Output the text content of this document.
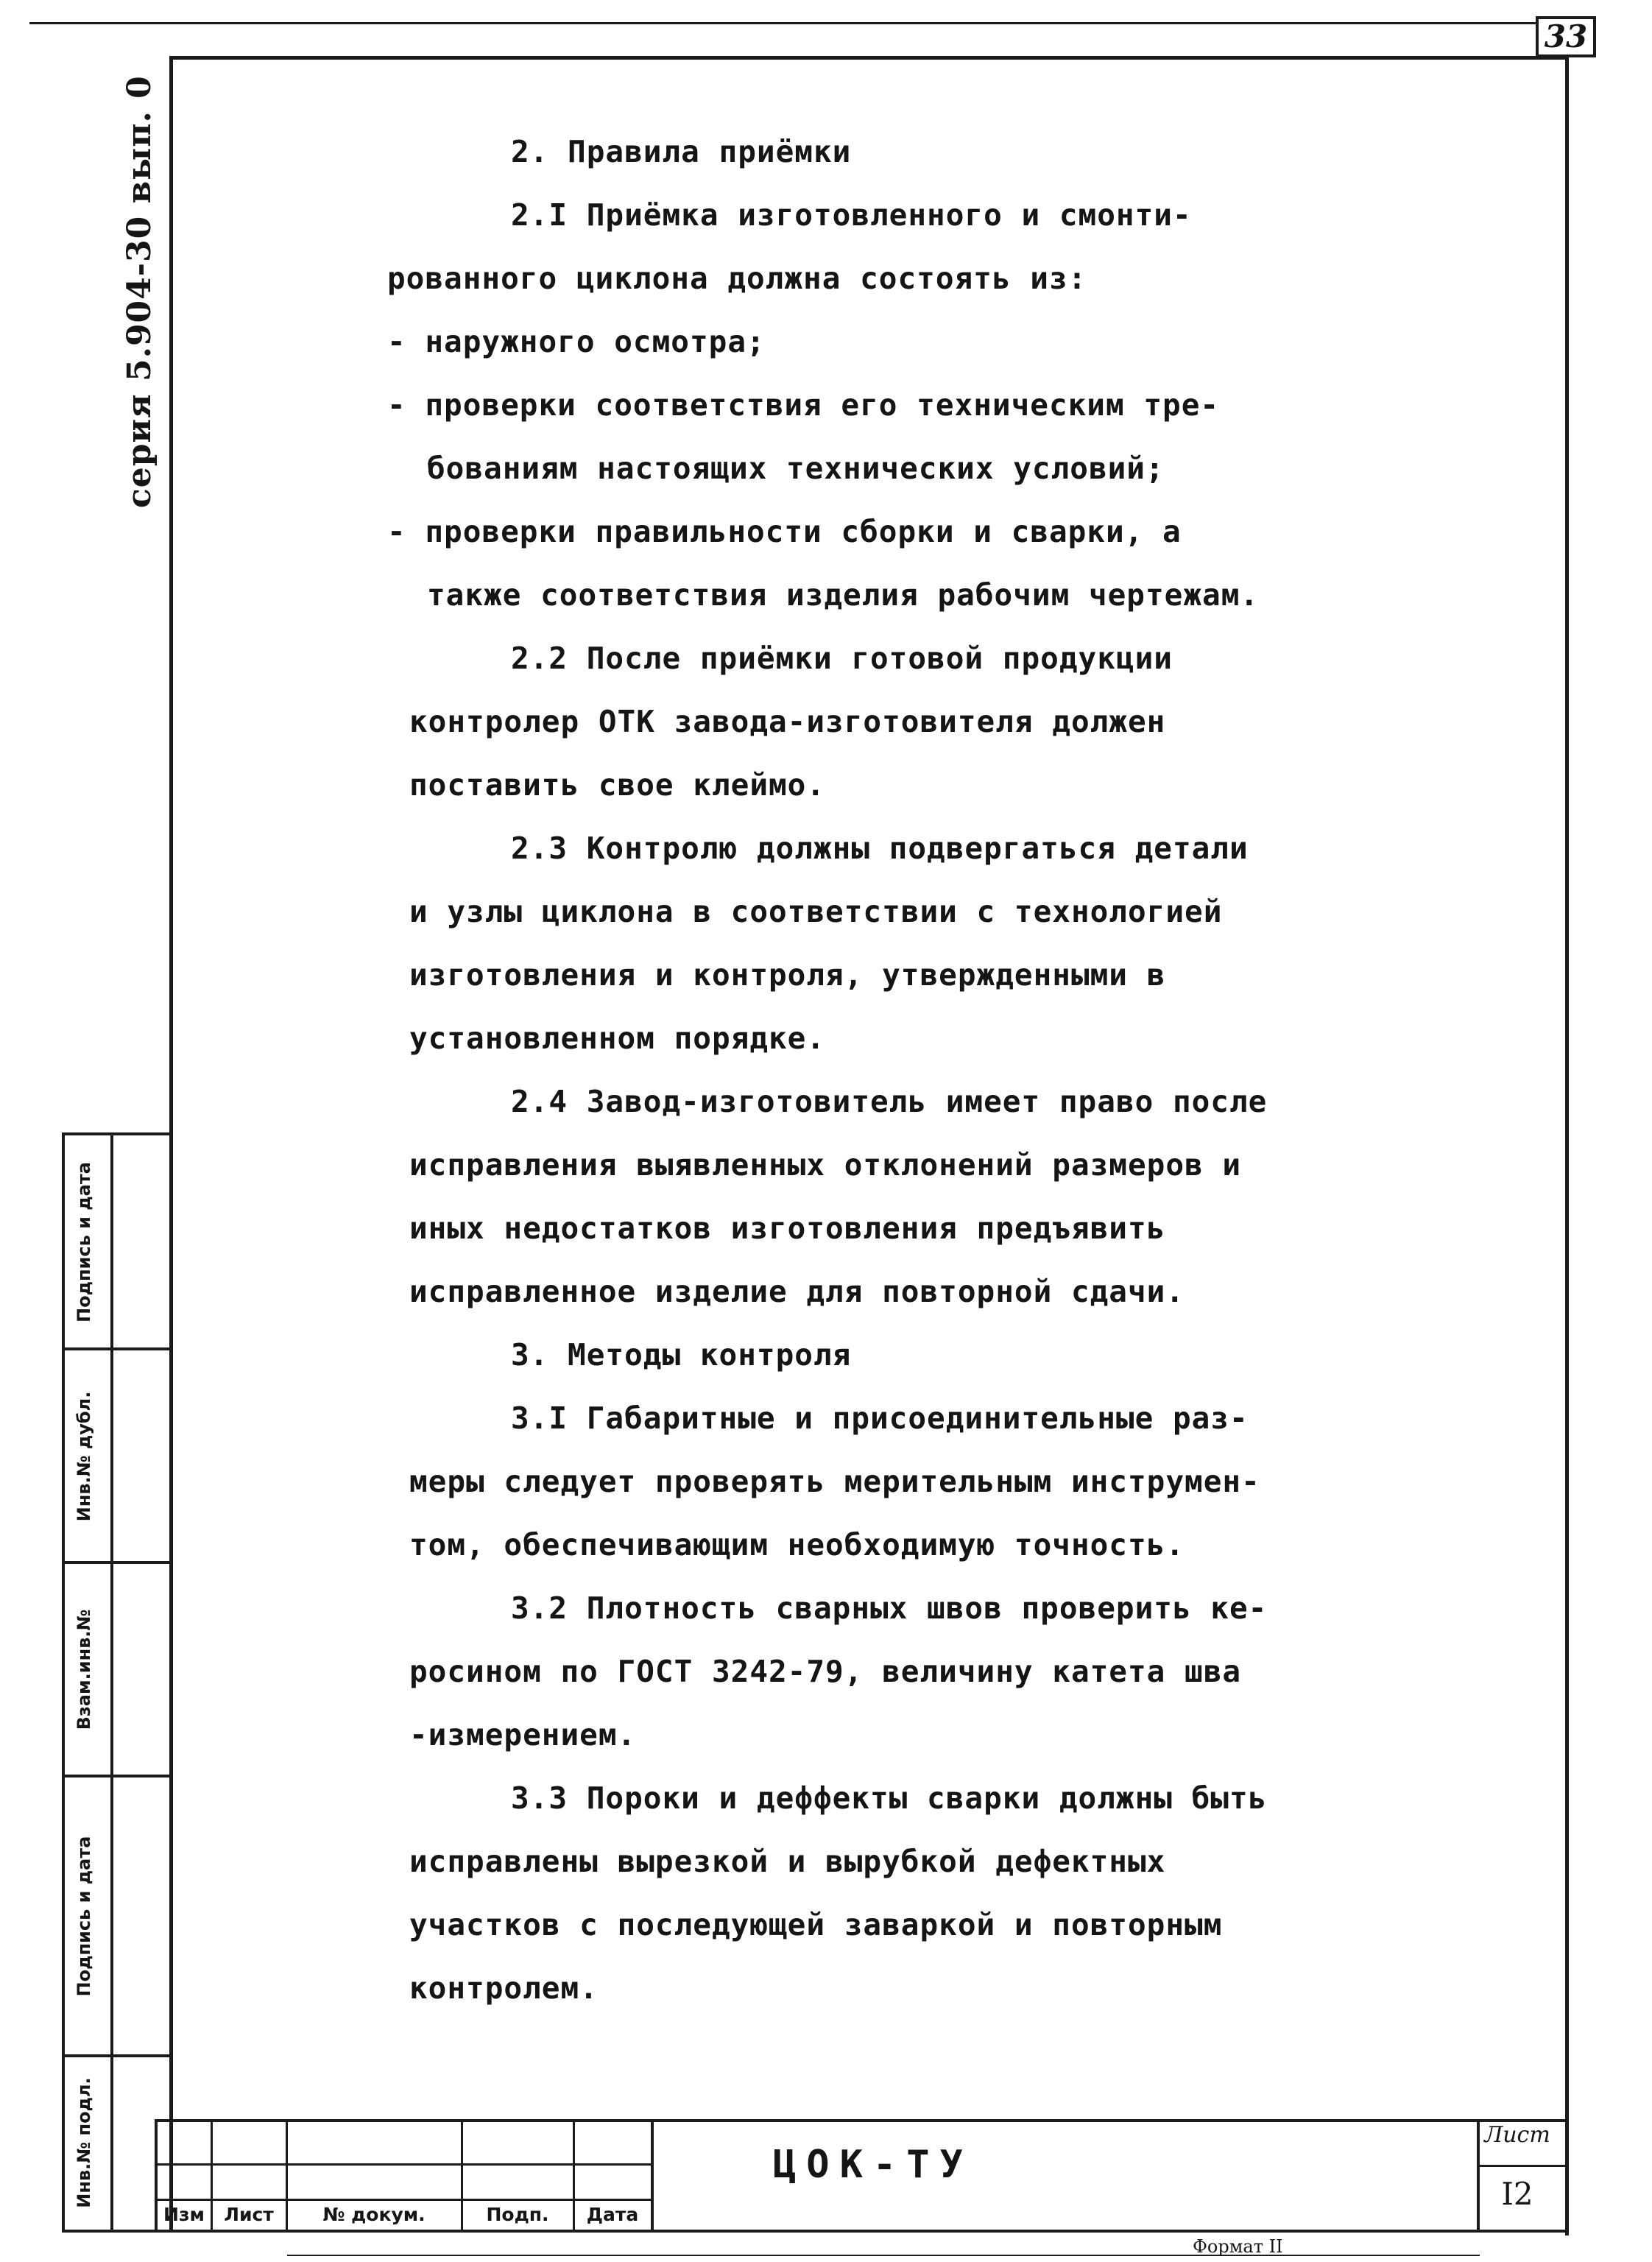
33
серия 5.904-30 вып. 0
Инв.№ подл.
Подпись и дата
Взам.инв.№
Инв.№ дубл.
Подпись и дата
2. Правила приёмки
2.I Приёмка изготовленного и смонти-
рованного циклона должна состоять из:
- наружного осмотра;
- проверки соответствия его техническим тре-
бованиям настоящих технических условий;
- проверки правильности сборки и сварки, а
также соответствия изделия рабочим чертежам.
2.2 После приёмки готовой продукции
контролер ОТК завода-изготовителя должен
поставить свое клеймо.
2.3 Контролю должны подвергаться детали
и узлы циклона в соответствии с технологией
изготовления и контроля, утвержденными в
установленном порядке.
2.4 Завод-изготовитель имеет право после
исправления выявленных отклонений размеров и
иных недостатков изготовления предъявить
исправленное изделие для повторной сдачи.
3. Методы контроля
3.I Габаритные и присоединительные раз-
меры следует проверять мерительным инструмен-
том, обеспечивающим необходимую точность.
3.2 Плотность сварных швов проверить ке-
росином по ГОСТ 3242-79, величину катета шва
-измерением.
3.3 Пороки и деффекты сварки должны быть
исправлены вырезкой и вырубкой дефектных
участков с последующей заваркой и повторным
контролем.
Изм	Лист	№ докум.	Подп.	Дата
ЦОК-ТУ
Лист
I2
Формат II
